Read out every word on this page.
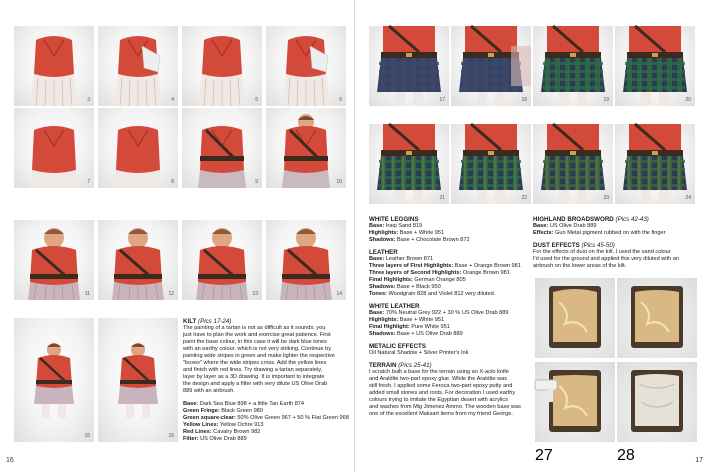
3	4	5	6
7	8	9	10
11	12	13	14
15	16
KILT (Pics 17-24)
The painting of a tartan is not as difficult as it sounds; you
just have to plan the work and exercise great patience. First
paint the base colour, in this case it will be dark blue tones
with an earthy colour, which is not very striking. Continue by
painting wide stripes in green and make lighter the respective
"boxes" where the wide stripes cross. Add the yellow lines
and finish with red lines. Try drawing a tartan separately,
layer by layer as a 3D drawing. It is important to integrate
the design and apply a filter with very dilute US Olive Drab
889 with an airbrush.
Base: Dark Sea Blue 898 + a little Tan Earth 874
Green Fringe: Black Green 980
Green square-clear: 50% Olive Green 967 + 50 % Flat Green 968
Yellow Lines: Yellow Ochre 913
Red Lines: Cavalry Brown 982
Filter: US Olive Drab 889
16
17	18	19	20
21	22	23	24
WHITE LEGGINS
Base: Iraqi Sand 819
Highlights: Base + White 951
Shadows: Base + Chocolate Brown 872
LEATHER
Base: Leather Brown 871
Three layers of First Highlights: Base + Orange Brown 981
Three layers of Second Highlights: Orange Brown 981
Final Highlights: German Orange 805
Shadows: Base + Black 950
Tones: Woodgrain 828 and Violet 812 very diluted.
WHITE LEATHER
Base: 70% Neutral Grey 922 + 30 % US Olive Drab 889
Highlights: Base + White 951
Final Highlight: Pure White 951
Shadows: Base + US Olive Drab 889
METALIC EFFECTS
Oil Natural Shadow + Silver Printer's Ink
TERRAIN (Pics 25-41)
I scratch built a base for the terrain using an X-acto knife
and Araldite two-part epoxy glue. While the Araldite was
still fresh, I applied some Feroca two-part epoxy putty and
added small stones and roots. For decoration I used earthy
colours trying to imitate the Egyptian desert with acrylics
and washes from Mig Jimenez Ammo. The wooden base was
one of the excellent Maksart items from my friend George.
HIGHLAND BROADSWORD (Pics 42-43)
Base: US Olive Drab 889
Effects: Gun Metal pigment rubbed on with the finger
DUST EFFECTS (Pics 45-50)
For the effects of dust on the kilt, I used the sand colour
I'd used for the ground and applied this very diluted with an
airbrush on the lower areas of the kilt.
27	28	17
